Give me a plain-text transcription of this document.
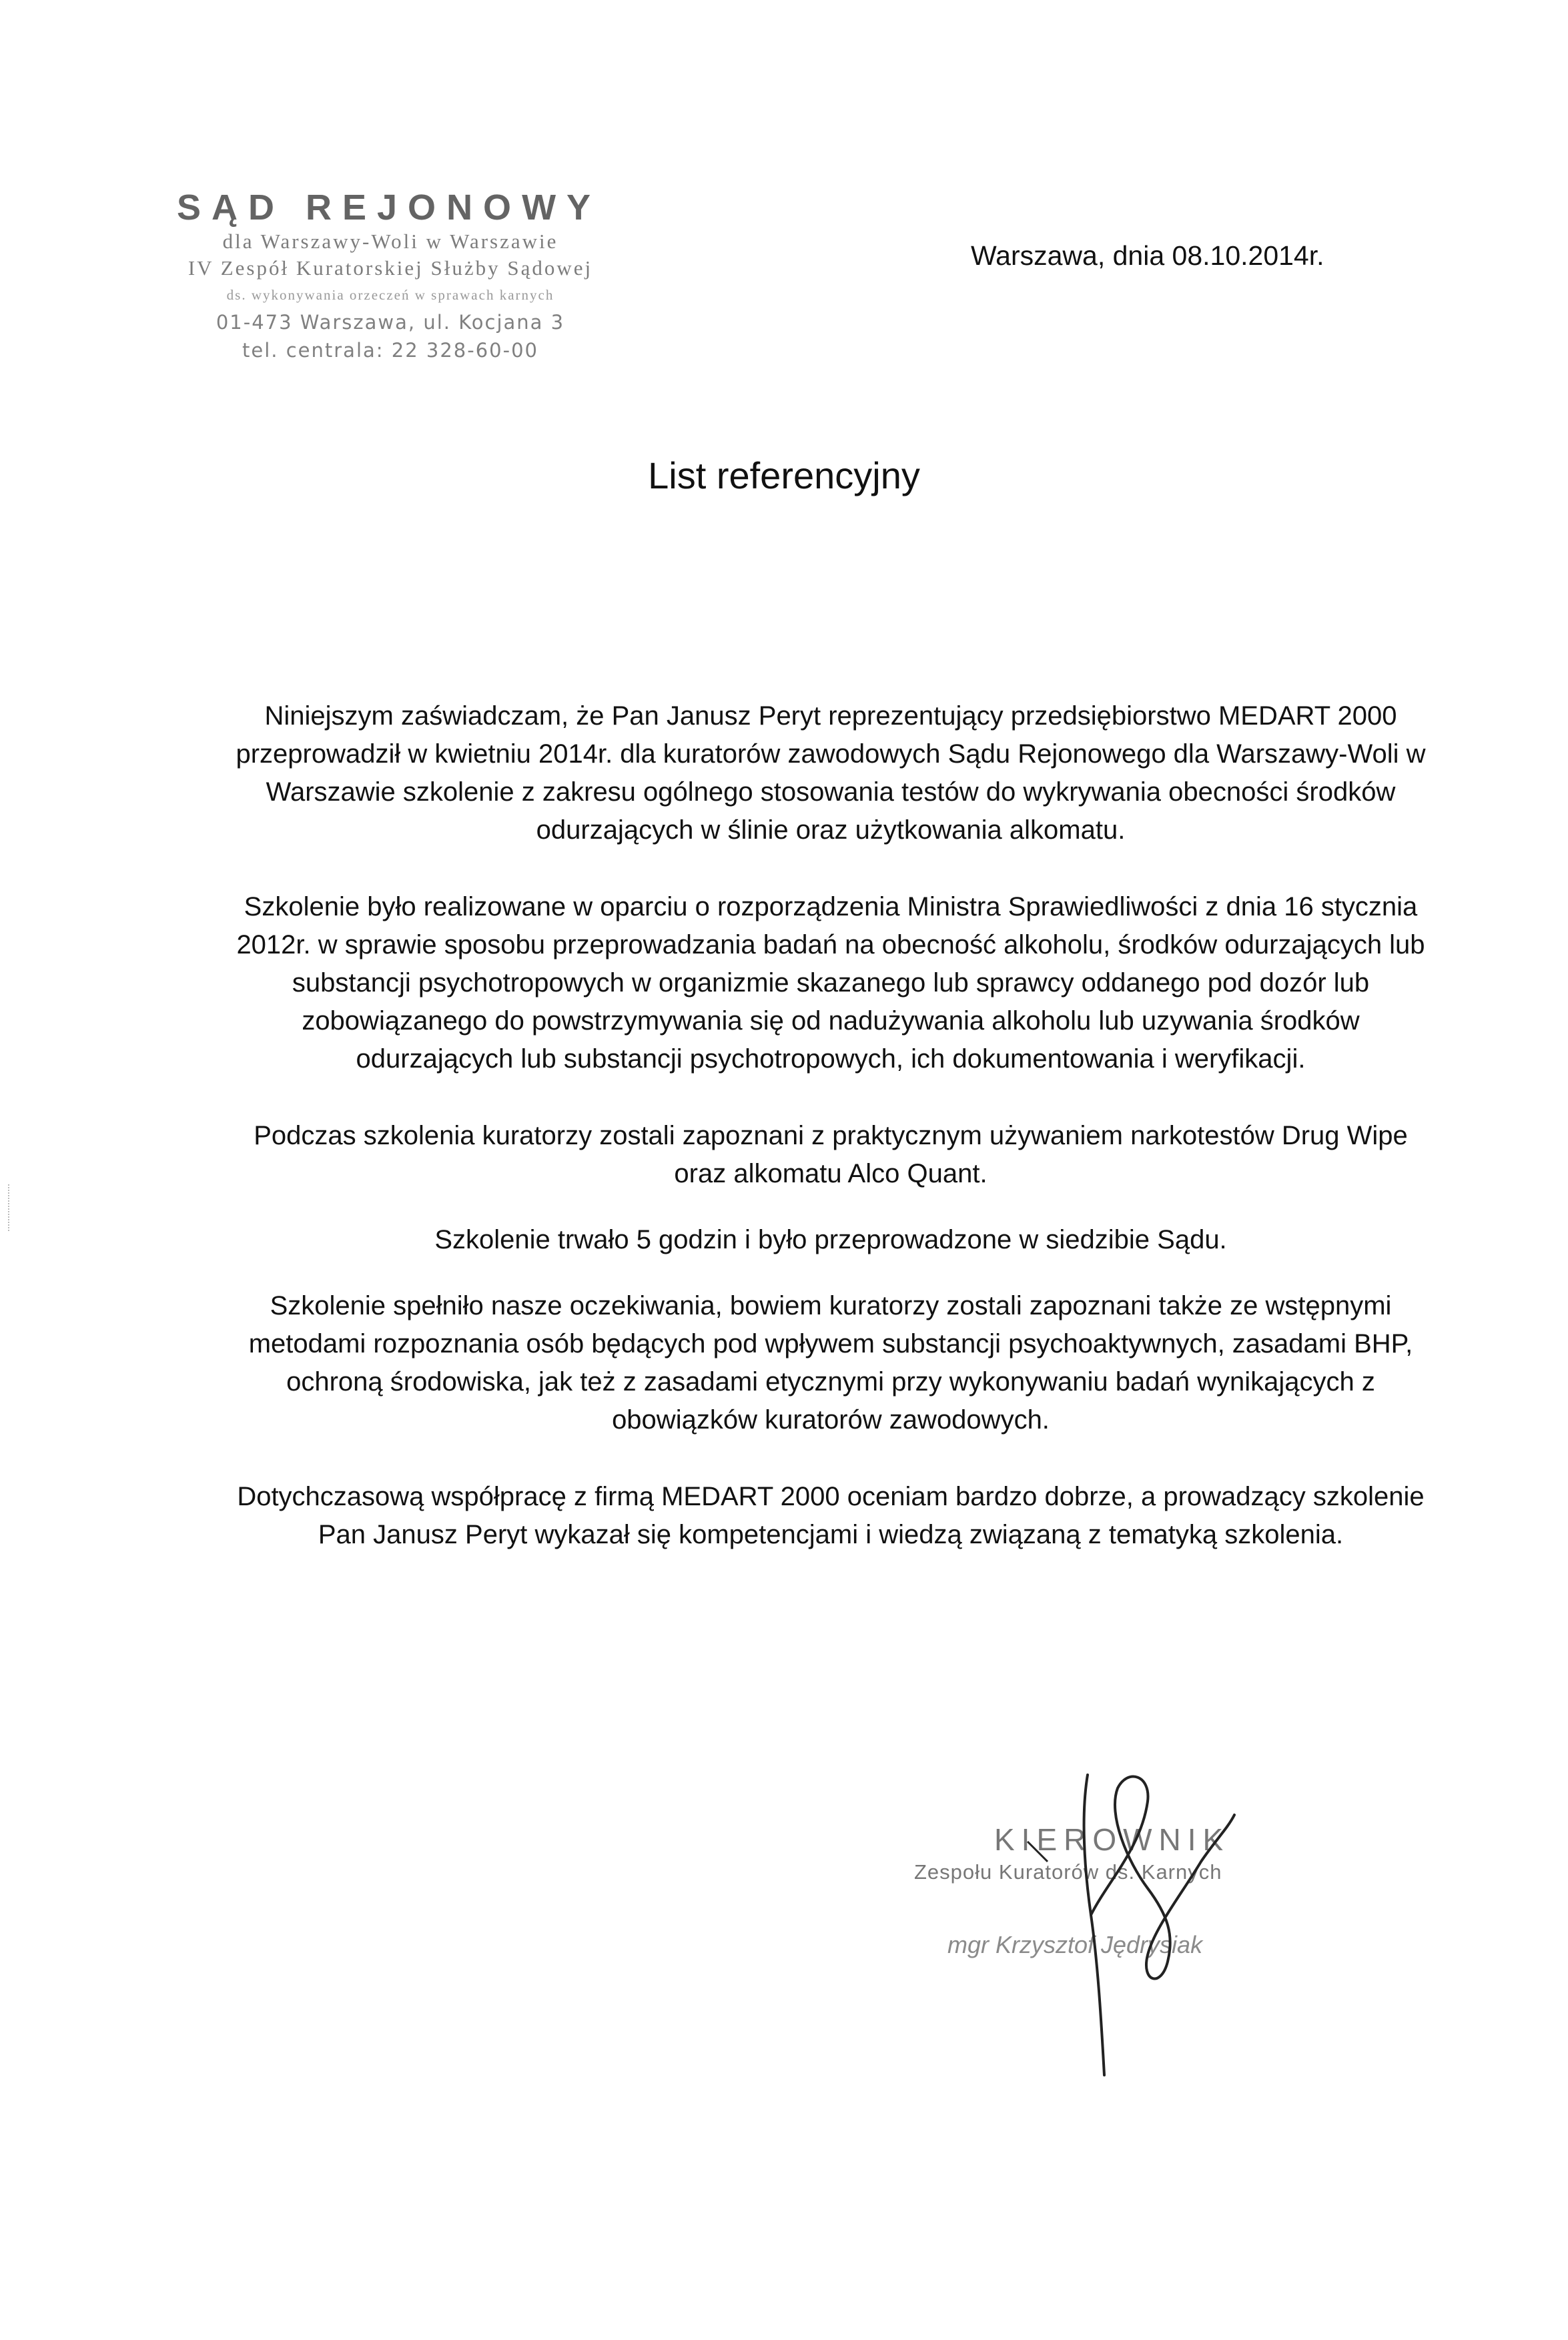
SĄD REJONOWY
dla Warszawy-Woli w Warszawie
IV Zespół Kuratorskiej Służby Sądowej
ds. wykonywania orzeczeń w sprawach karnych
01-473 Warszawa, ul. Kocjana 3
tel. centrala: 22 328-60-00
Warszawa, dnia 08.10.2014r.
List referencyjny

Niniejszym zaświadczam, że Pan Janusz Peryt reprezentujący przedsiębiorstwo MEDART 2000 przeprowadził w kwietniu 2014r. dla kuratorów zawodowych Sądu Rejonowego dla Warszawy-Woli w Warszawie szkolenie z zakresu ogólnego stosowania testów do wykrywania obecności środków odurzających w ślinie oraz użytkowania alkomatu.

Szkolenie było realizowane w oparciu o rozporządzenia Ministra Sprawiedliwości z dnia 16 stycznia 2012r. w sprawie sposobu przeprowadzania badań na obecność alkoholu, środków odurzających lub substancji psychotropowych w organizmie skazanego lub sprawcy oddanego pod dozór lub zobowiązanego do powstrzymywania się od nadużywania alkoholu lub uzywania środków odurzających lub substancji psychotropowych, ich dokumentowania i weryfikacji.

Podczas szkolenia kuratorzy zostali zapoznani z praktycznym używaniem narkotestów Drug Wipe oraz alkomatu Alco Quant.

Szkolenie trwało 5 godzin i było przeprowadzone w siedzibie Sądu.

Szkolenie spełniło nasze oczekiwania, bowiem kuratorzy zostali zapoznani także ze wstępnymi metodami rozpoznania osób będących pod wpływem substancji psychoaktywnych, zasadami BHP, ochroną środowiska, jak też z zasadami etycznymi przy wykonywaniu badań wynikających z obowiązków kuratorów zawodowych.

Dotychczasową współpracę z firmą MEDART 2000 oceniam bardzo dobrze, a prowadzący szkolenie Pan Janusz Peryt wykazał się kompetencjami i wiedzą związaną z tematyką szkolenia.

KIEROWNIK
Zespołu Kuratorów ds. Karnych
mgr Krzysztof Jędrysiak
